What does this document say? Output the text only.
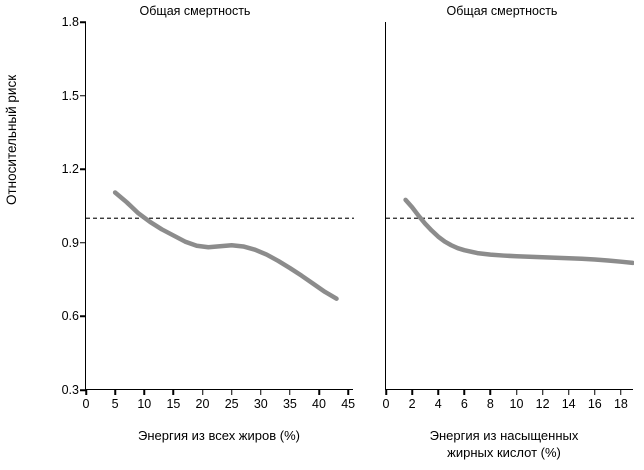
Относительный риск
Общая смертность
1.8
1.5
1.2
0.9
0.6
0.3
0 5 10 15 20 25 30 35 40 45
Энергия из всех жиров (%)
Общая смертность
0 2 4 6 8 10 12 14 16 18
Энергия из насыщенных
жирных кислот (%)
